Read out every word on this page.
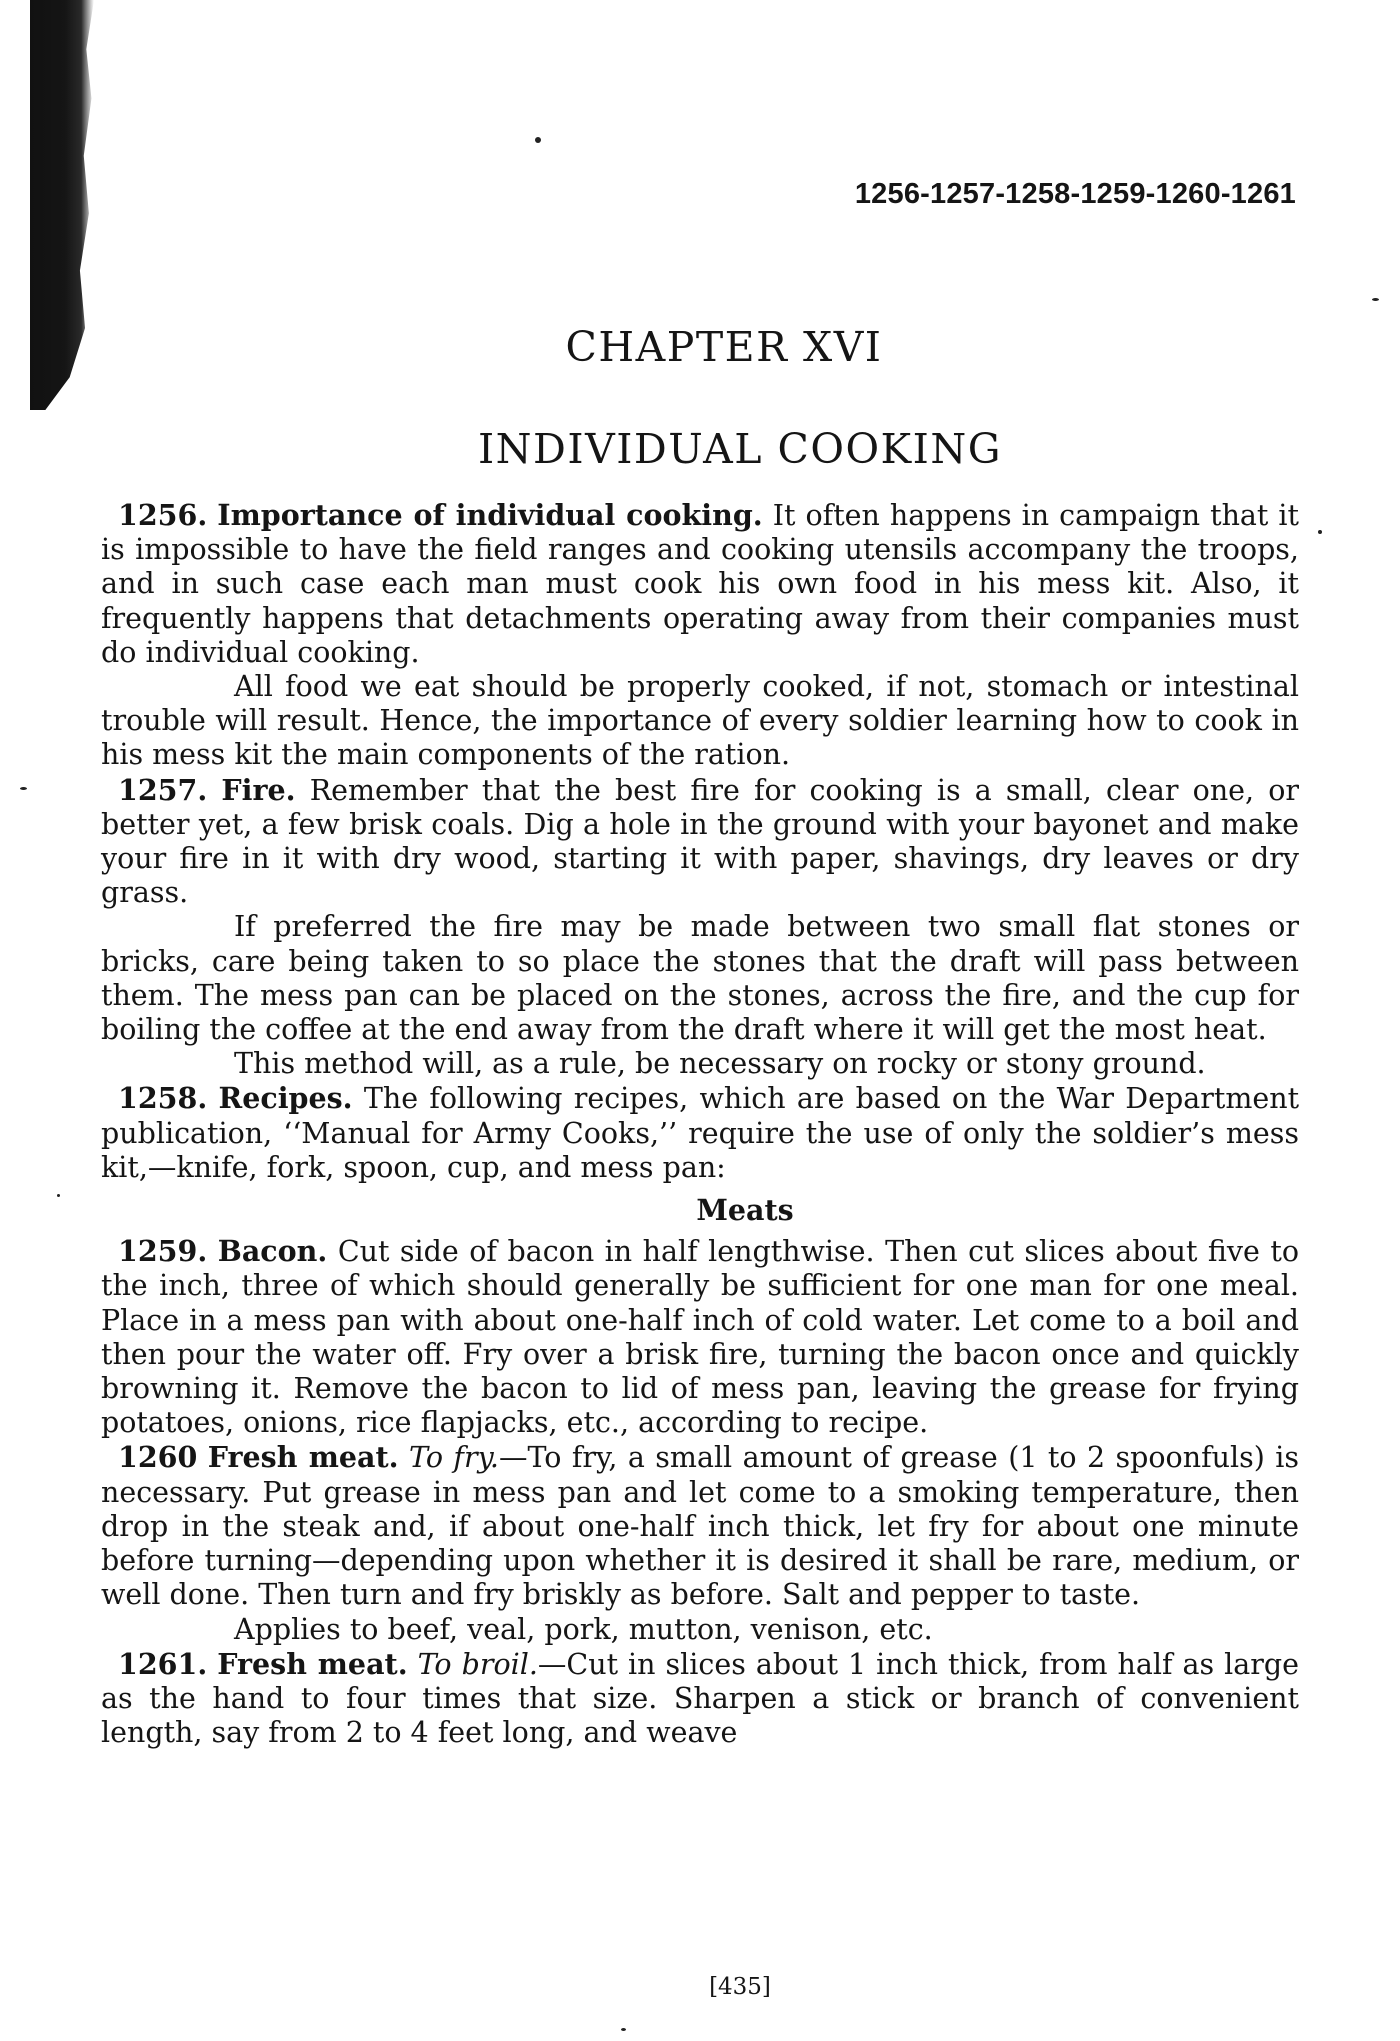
1256-1257-1258-1259-1260-1261
CHAPTER XVI
INDIVIDUAL COOKING

1256. Importance of individual cooking. It often happens in campaign that it is impossible to have the field ranges and cooking utensils accompany the troops, and in such case each man must cook his own food in his mess kit. Also, it frequently happens that detachments operating away from their companies must do individual cooking.

All food we eat should be properly cooked, if not, stomach or intestinal trouble will result. Hence, the importance of every soldier learning how to cook in his mess kit the main components of the ration.

1257. Fire. Remember that the best fire for cooking is a small, clear one, or better yet, a few brisk coals. Dig a hole in the ground with your bayonet and make your fire in it with dry wood, starting it with paper, shavings, dry leaves or dry grass.

If preferred the fire may be made between two small flat stones or bricks, care being taken to so place the stones that the draft will pass between them. The mess pan can be placed on the stones, across the fire, and the cup for boiling the coffee at the end away from the draft where it will get the most heat.

This method will, as a rule, be necessary on rocky or stony ground.

1258. Recipes. The following recipes, which are based on the War Department publication, ‘‘Manual for Army Cooks,’’ require the use of only the soldier’s mess kit,—knife, fork, spoon, cup, and mess pan:

Meats

1259. Bacon. Cut side of bacon in half lengthwise. Then cut slices about five to the inch, three of which should generally be sufficient for one man for one meal. Place in a mess pan with about one-half inch of cold water. Let come to a boil and then pour the water off. Fry over a brisk fire, turning the bacon once and quickly browning it. Remove the bacon to lid of mess pan, leaving the grease for frying potatoes, onions, rice flapjacks, etc., according to recipe.

1260 Fresh meat. To fry.—To fry, a small amount of grease (1 to 2 spoonfuls) is necessary. Put grease in mess pan and let come to a smoking temperature, then drop in the steak and, if about one-half inch thick, let fry for about one minute before turning—depending upon whether it is desired it shall be rare, medium, or well done. Then turn and fry briskly as before. Salt and pepper to taste.

Applies to beef, veal, pork, mutton, venison, etc.

1261. Fresh meat. To broil.—Cut in slices about 1 inch thick, from half as large as the hand to four times that size. Sharpen a stick or branch of convenient length, say from 2 to 4 feet long, and weave

[435]
